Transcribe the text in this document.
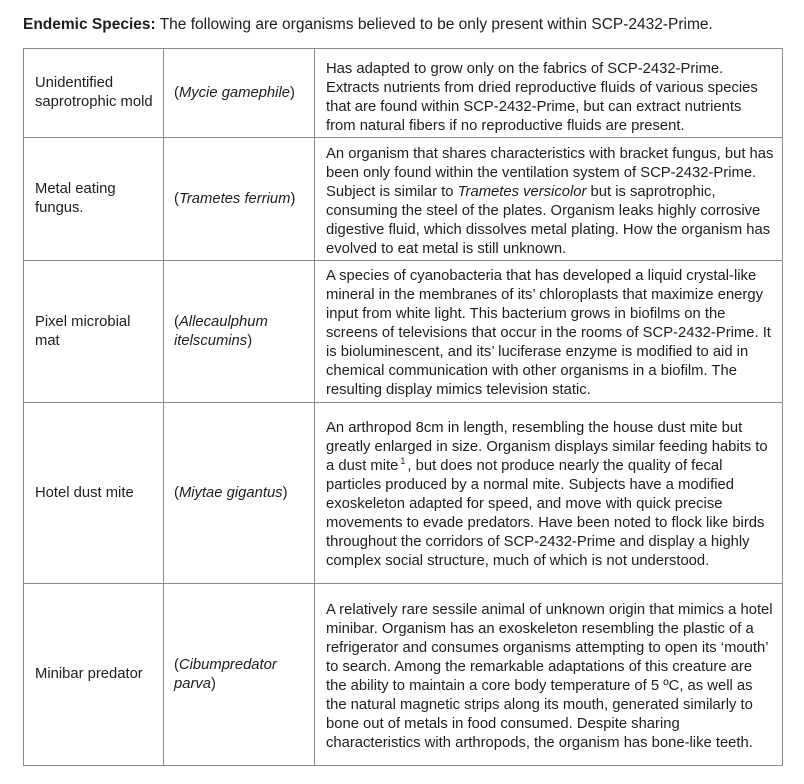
Endemic Species: The following are organisms believed to be only present within SCP-2432-Prime.
Unidentified saprotrophic mold	(Mycie gamephile)	Has adapted to grow only on the fabrics of SCP-2432-Prime. Extracts nutrients from dried reproductive fluids of various species that are found within SCP-2432-Prime, but can extract nutrients from natural fibers if no reproductive fluids are present.

Metal eating fungus.	(Trametes ferrium)	An organism that shares characteristics with bracket fungus, but has been only found within the ventilation system of SCP-2432-Prime. Subject is similar to Trametes versicolor but is saprotrophic, consuming the steel of the plates. Organism leaks highly corrosive digestive fluid, which dissolves metal plating. How the organism has evolved to eat metal is still unknown.

Pixel microbial mat	(Allecaulphum itelscumins)	A species of cyanobacteria that has developed a liquid crystal-like mineral in the membranes of its’ chloroplasts that maximize energy input from white light. This bacterium grows in biofilms on the screens of televisions that occur in the rooms of SCP-2432-Prime. It is bioluminescent, and its’ luciferase enzyme is modified to aid in chemical communication with other organisms in a biofilm. The resulting display mimics television static.

Hotel dust mite	(Miytae gigantus)	An arthropod 8cm in length, resembling the house dust mite but greatly enlarged in size. Organism displays similar feeding habits to a dust mite $^1$ , but does not produce nearly the quality of fecal particles produced by a normal mite. Subjects have a modified exoskeleton adapted for speed, and move with quick precise movements to evade predators. Have been noted to flock like birds throughout the corridors of SCP-2432-Prime and display a highly complex social structure, much of which is not understood.

Minibar predator	(Cibumpredator parva)	A relatively rare sessile animal of unknown origin that mimics a hotel minibar. Organism has an exoskeleton resembling the plastic of a refrigerator and consumes organisms attempting to open its ‘mouth’ to search. Among the remarkable adaptations of this creature are the ability to maintain a core body temperature of 5 ºC, as well as the natural magnetic strips along its mouth, generated similarly to bone out of metals in food consumed. Despite sharing characteristics with arthropods, the organism has bone-like teeth.
